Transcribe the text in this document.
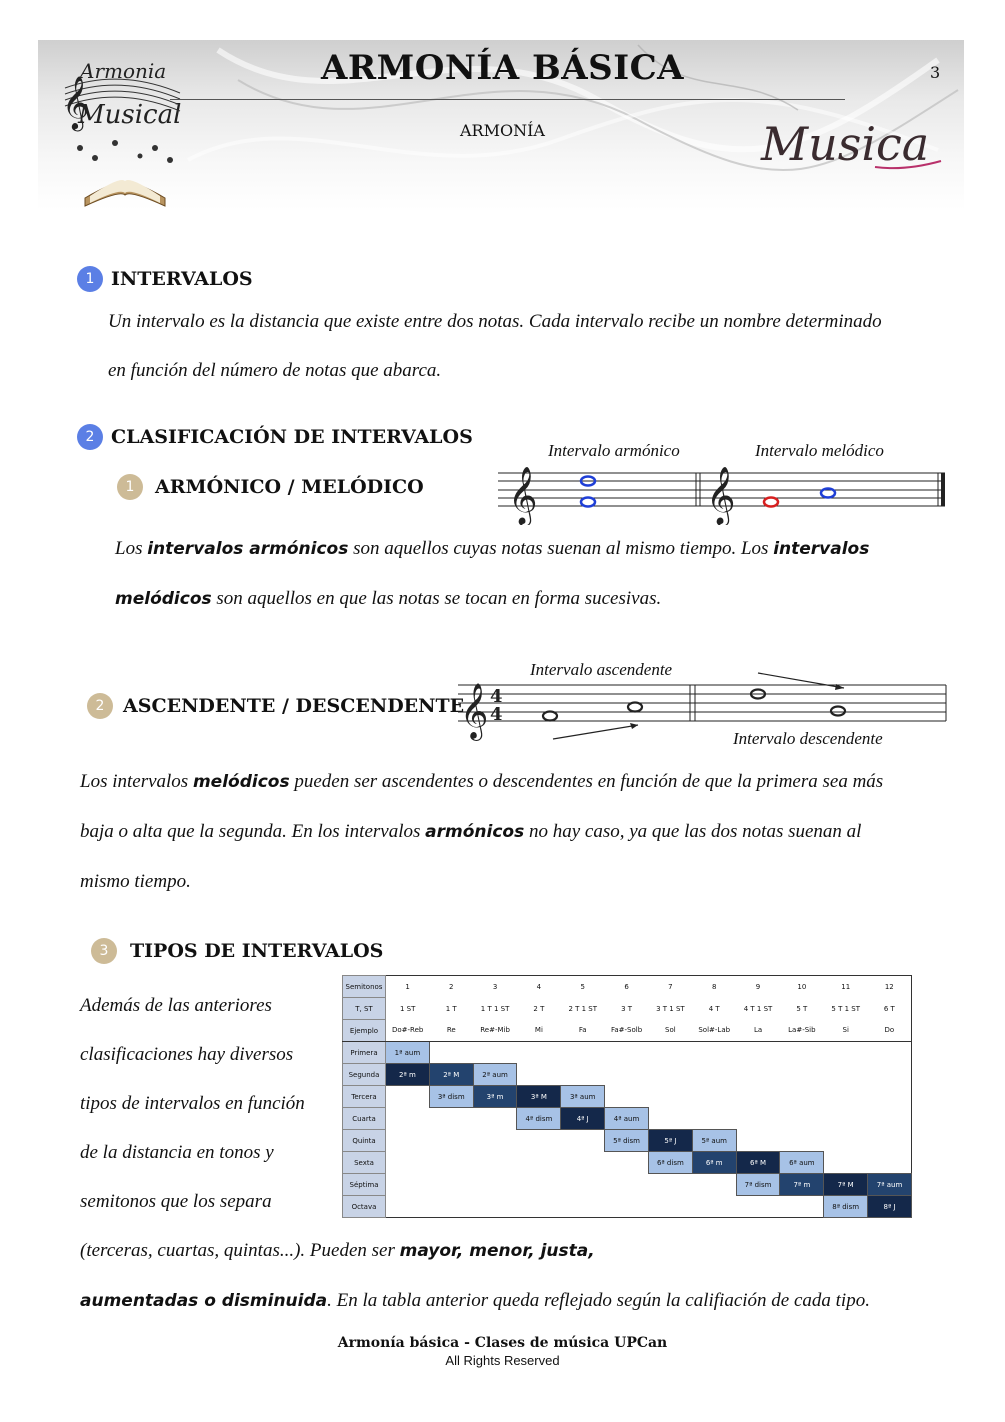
Armonia
Musical
𝄞
ARMONÍA BÁSICA	3
ARMONÍA	Musica
1 INTERVALOS
Un intervalo es la distancia que existe entre dos notas. Cada intervalo recibe un nombre determinado
en función del número de notas que abarca.
2 CLASIFICACIÓN DE INTERVALOS
1	ARMÓNICO / MELÓDICO
Intervalo armónico	Intervalo melódico
𝄞	𝄞
Los intervalos armónicos son aquellos cuyas notas suenan al mismo tiempo. Los intervalos
melódicos son aquellos en que las notas se tocan en forma sucesivas.
Intervalo ascendente
2 ASCENDENTE / DESCENDENTE
𝄞 4
4
Intervalo descendente
Los intervalos melódicos pueden ser ascendentes o descendentes en función de que la primera sea más
baja o alta que la segunda. En los intervalos armónicos no hay caso, ya que las dos notas suenan al
mismo tiempo.
3	TIPOS DE INTERVALOS
Además de las anteriores
clasificaciones hay diversos
tipos de intervalos en función
de la distancia en tonos y
semitonos que los separa
(terceras, cuartas, quintas...). Pueden ser mayor, menor, justa,
aumentadas o disminuida. En la tabla anterior queda reflejado según la califiación de cada tipo.
Semitonos	1	2	3	4	5	6	7	8	9	10	11	12
T, ST	1 ST	1 T	1 T 1 ST	2 T	2 T 1 ST	3 T	3 T 1 ST	4 T	4 T 1 ST	5 T	5 T 1 ST	6 T
Ejemplo	Do#-Reb	Re	Re#-Mib	Mi	Fa	Fa#-Solb	Sol	Sol#-Lab	La	La#-Sib	Si	Do
Primera	1ª aum											
Segunda	2ª m	2ª M	2ª aum									
Tercera		3ª dism	3ª m	3ª M	3ª aum							
Cuarta				4ª dism	4ª J	4ª aum						
Quinta						5ª dism	5ª J	5ª aum				
Sexta							6ª dism	6ª m	6ª M	6ª aum		
Séptima									7ª dism	7ª m	7ª M	7ª aum
Octava											8ª dism	8ª J
Armonía básica - Clases de música UPCan
All Rights Reserved
